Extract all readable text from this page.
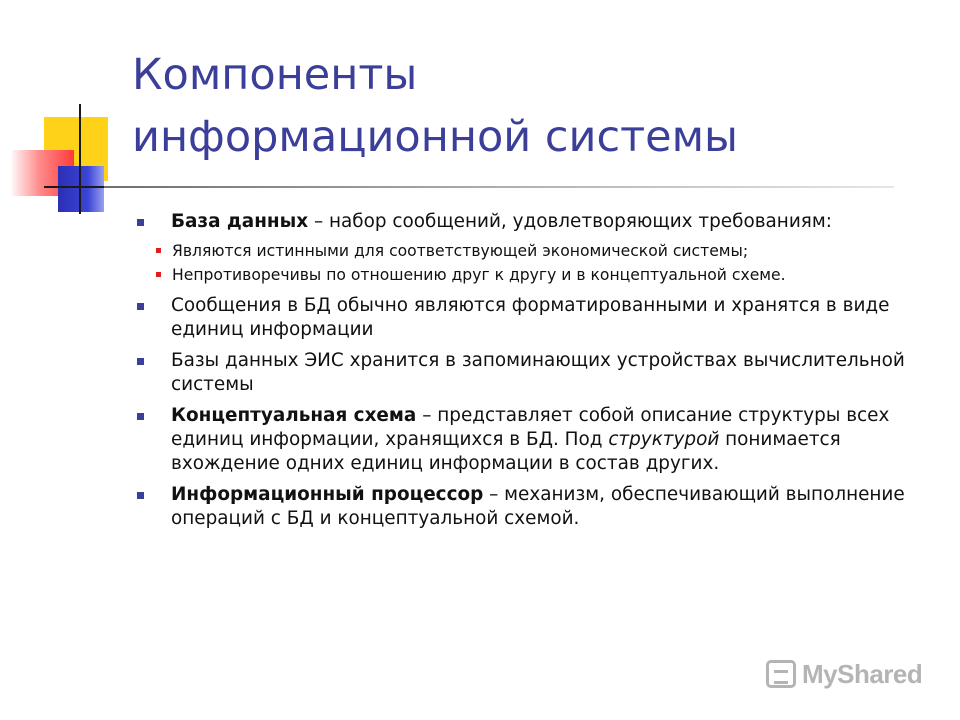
Компоненты
информационной системы
База данных – набор сообщений, удовлетворяющих требованиям:
Являются истинными для соответствующей экономической системы;
Непротиворечивы по отношению друг к другу и в концептуальной схеме.
Сообщения в БД обычно являются форматированными и хранятся в виде единиц информации
Базы данных ЭИС хранится в запоминающих устройствах вычислительной системы
Концептуальная схема – представляет собой описание структуры всех единиц информации, хранящихся в БД. Под структурой понимается вхождение одних единиц информации в состав других.
Информационный процессор – механизм, обеспечивающий выполнение операций с БД и концептуальной схемой.
MyShared
